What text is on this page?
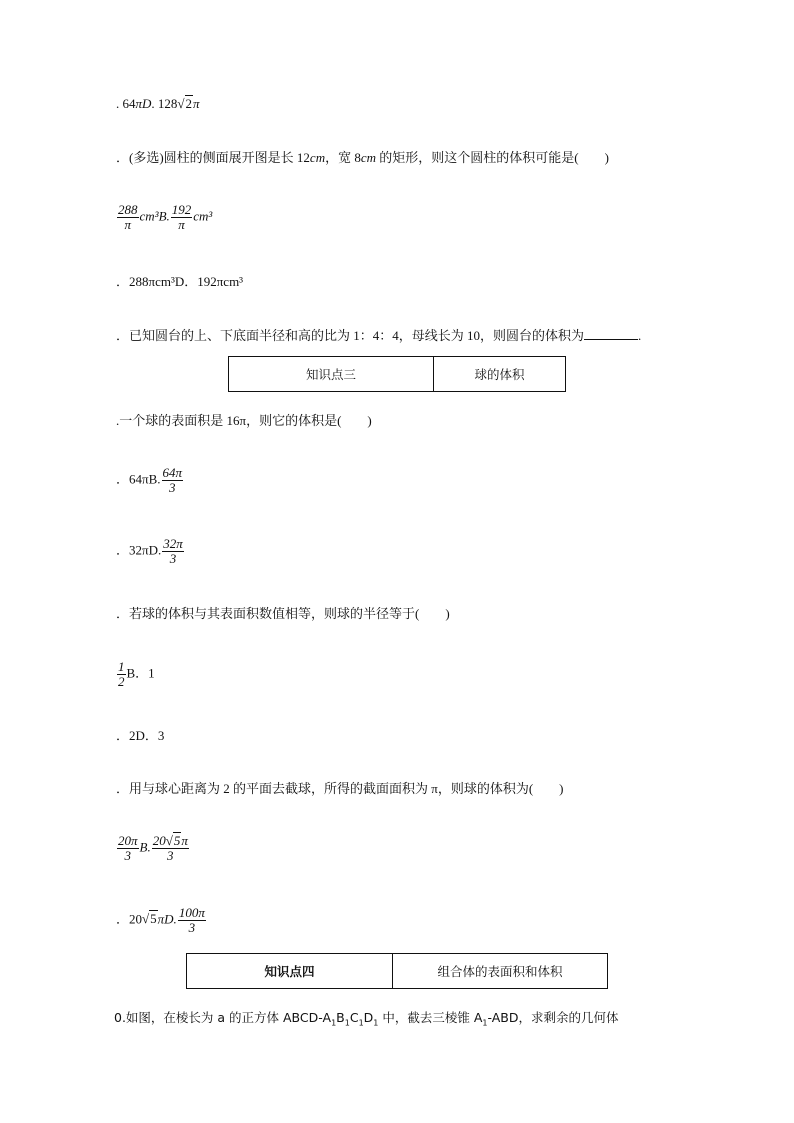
. 64πD. 128√2π
．(多选)圆柱的侧面展开图是长 12cm，宽 8cm 的矩形，则这个圆柱的体积可能是(　　)
$\frac{288}{\pi} cm^3B$. $\frac{192}{\pi} cm^3$
．288πcm³D．192πcm³
．已知圆台的上、下底面半径和高的比为 1：4：4，母线长为 10，则圆台的体积为	.
知识点三	球的体积
.一个球的表面积是 16π，则它的体积是(　　)
．64πB. $\frac{64\pi}{3}$
．32πD. $\frac{32\pi}{3}$
．若球的体积与其表面积数值相等，则球的半径等于(　　)
$\frac{1}{2}$ B．1
．2D．3
．用与球心距离为 2 的平面去截球，所得的截面面积为 π，则球的体积为(　　)
$\frac{20\pi}{3} B$. $\frac{20√5\pi}{3}$
．20√5πD. $\frac{100\pi}{3}$
知识点四	组合体的表面积和体积
0.如图，在棱长为 a 的正方体 ABCD-$A_1B_1C_1D_1$ 中，截去三棱锥 $A_1$-ABD，求剩余的几何体
